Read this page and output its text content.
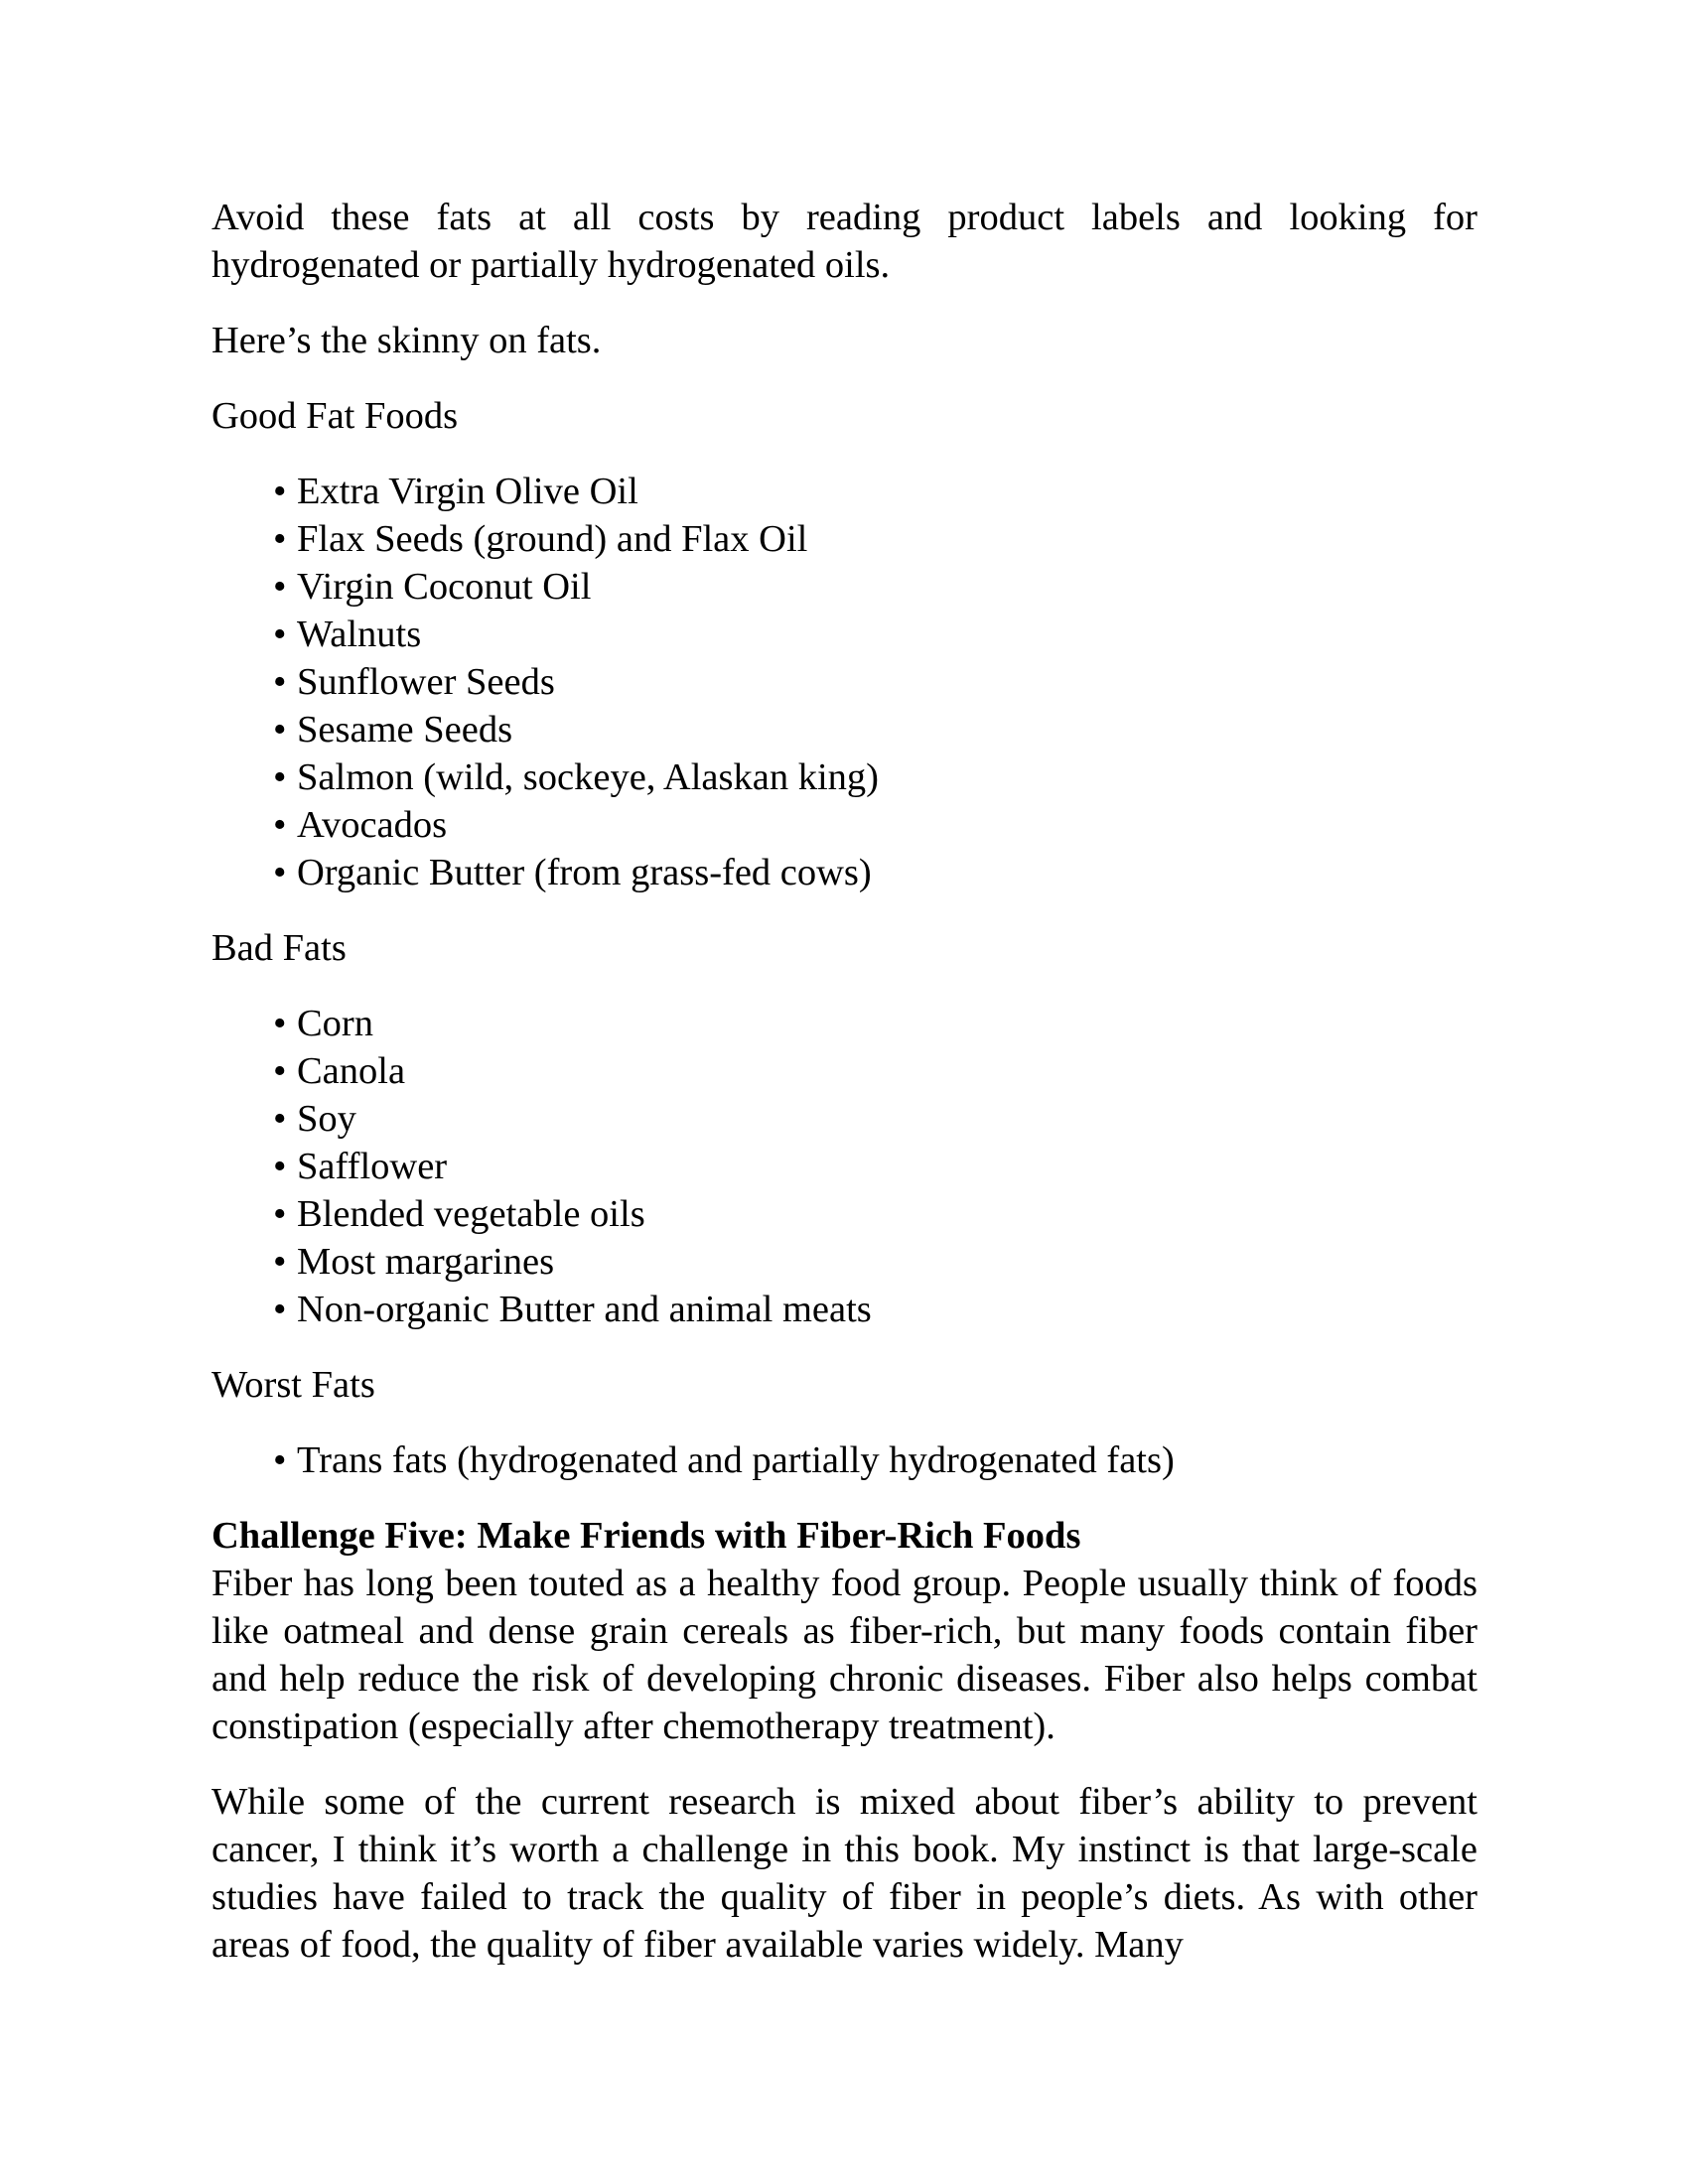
Avoid these fats at all costs by reading product labels and looking for hydrogenated or partially hydrogenated oils.

Here’s the skinny on fats.

Good Fat Foods

• Extra Virgin Olive Oil
• Flax Seeds (ground) and Flax Oil
• Virgin Coconut Oil
• Walnuts
• Sunflower Seeds
• Sesame Seeds
• Salmon (wild, sockeye, Alaskan king)
• Avocados
• Organic Butter (from grass-fed cows)

Bad Fats

• Corn
• Canola
• Soy
• Safflower
• Blended vegetable oils
• Most margarines
• Non-organic Butter and animal meats

Worst Fats

• Trans fats (hydrogenated and partially hydrogenated fats)

Challenge Five: Make Friends with Fiber-Rich Foods

Fiber has long been touted as a healthy food group. People usually think of foods like oatmeal and dense grain cereals as fiber-rich, but many foods contain fiber and help reduce the risk of developing chronic diseases. Fiber also helps combat constipation (especially after chemotherapy treatment).

While some of the current research is mixed about fiber’s ability to prevent cancer, I think it’s worth a challenge in this book. My instinct is that large-scale studies have failed to track the quality of fiber in people’s diets. As with other areas of food, the quality of fiber available varies widely. Many
